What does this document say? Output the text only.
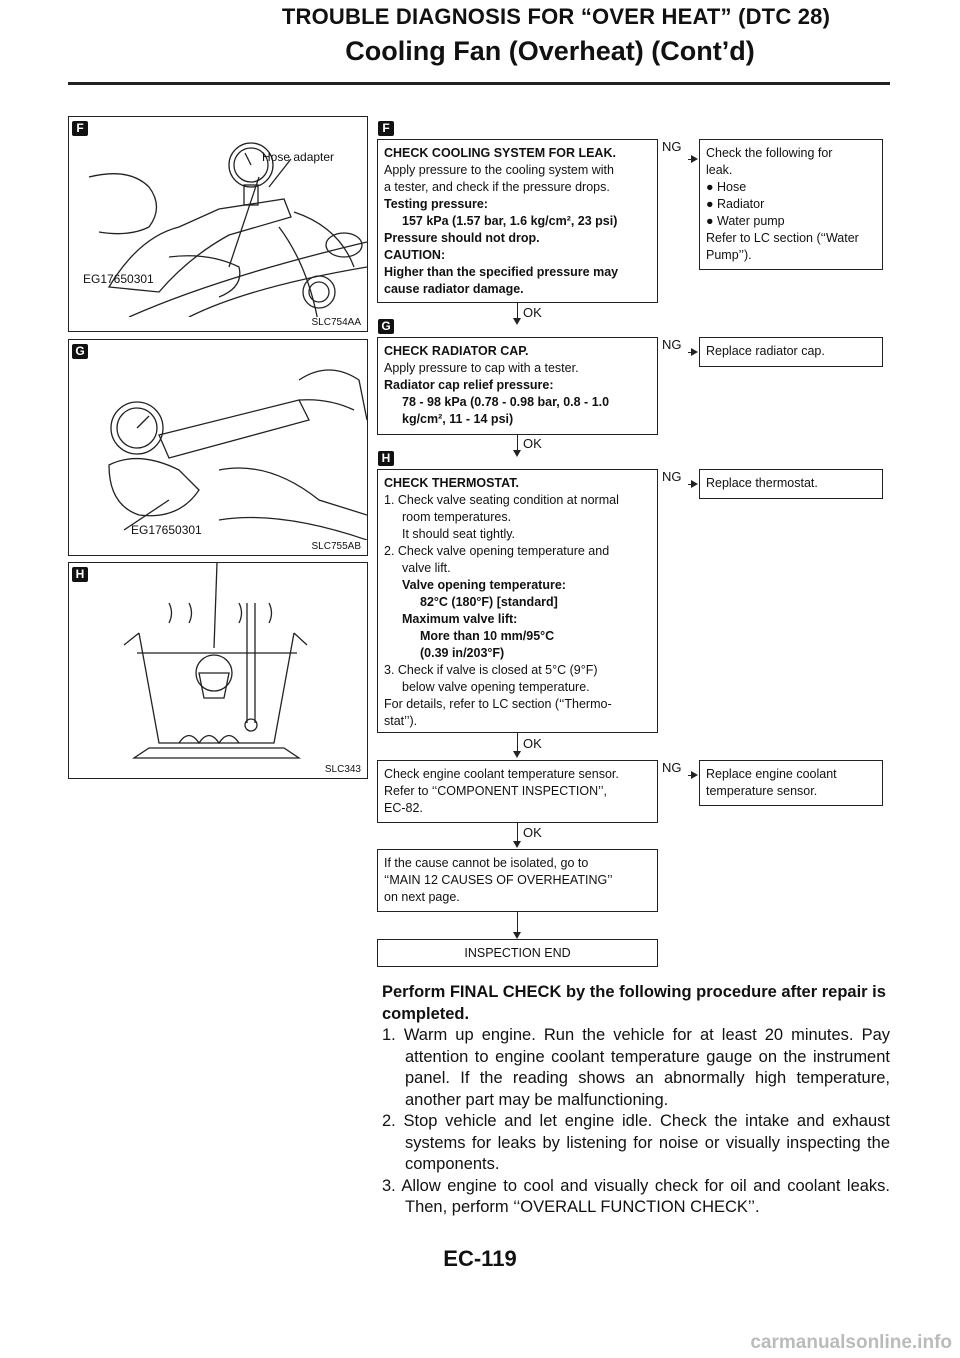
TROUBLE DIAGNOSIS FOR “OVER HEAT” (DTC 28)
Cooling Fan (Overheat) (Cont’d)
F
Hose adapter
EG17650301
SLC754AA
G
EG17650301
SLC755AB
H
SLC343
F
CHECK COOLING SYSTEM FOR LEAK.
Apply pressure to the cooling system with
a tester, and check if the pressure drops.
Testing pressure:
157 kPa (1.57 bar, 1.6 kg/cm², 23 psi)
Pressure should not drop.
CAUTION:
Higher than the specified pressure may
cause radiator damage.
NG Check the following for
leak.
● Hose
● Radiator
● Water pump
Refer to LC section (‘‘Water
Pump’’).
OK
G
CHECK RADIATOR CAP.
Apply pressure to cap with a tester.
Radiator cap relief pressure:
78 - 98 kPa (0.78 - 0.98 bar, 0.8 - 1.0
kg/cm², 11 - 14 psi)
NG Replace radiator cap.
OK
H
CHECK THERMOSTAT.
1. Check valve seating condition at normal
room temperatures.
It should seat tightly.
2. Check valve opening temperature and
valve lift.
Valve opening temperature:
82°C (180°F) [standard]
Maximum valve lift:
More than 10 mm/95°C
(0.39 in/203°F)
3. Check if valve is closed at 5°C (9°F)
below valve opening temperature.
For details, refer to LC section (‘‘Thermo-
stat’’).
NG Replace thermostat.
OK
Check engine coolant temperature sensor.
Refer to ‘‘COMPONENT INSPECTION’’,
EC-82.
NG Replace engine coolant
temperature sensor.
OK
If the cause cannot be isolated, go to
‘‘MAIN 12 CAUSES OF OVERHEATING’’
on next page.
INSPECTION END
Perform FINAL CHECK by the following procedure after repair is completed.
1. Warm up engine. Run the vehicle for at least 20 minutes. Pay attention to engine coolant temperature gauge on the instrument panel. If the reading shows an abnormally high temperature, another part may be malfunctioning.
2. Stop vehicle and let engine idle. Check the intake and exhaust systems for leaks by listening for noise or visually inspecting the components.
3. Allow engine to cool and visually check for oil and coolant leaks. Then, perform ‘‘OVERALL FUNCTION CHECK’’.
EC-119
carmanualsonline.info
